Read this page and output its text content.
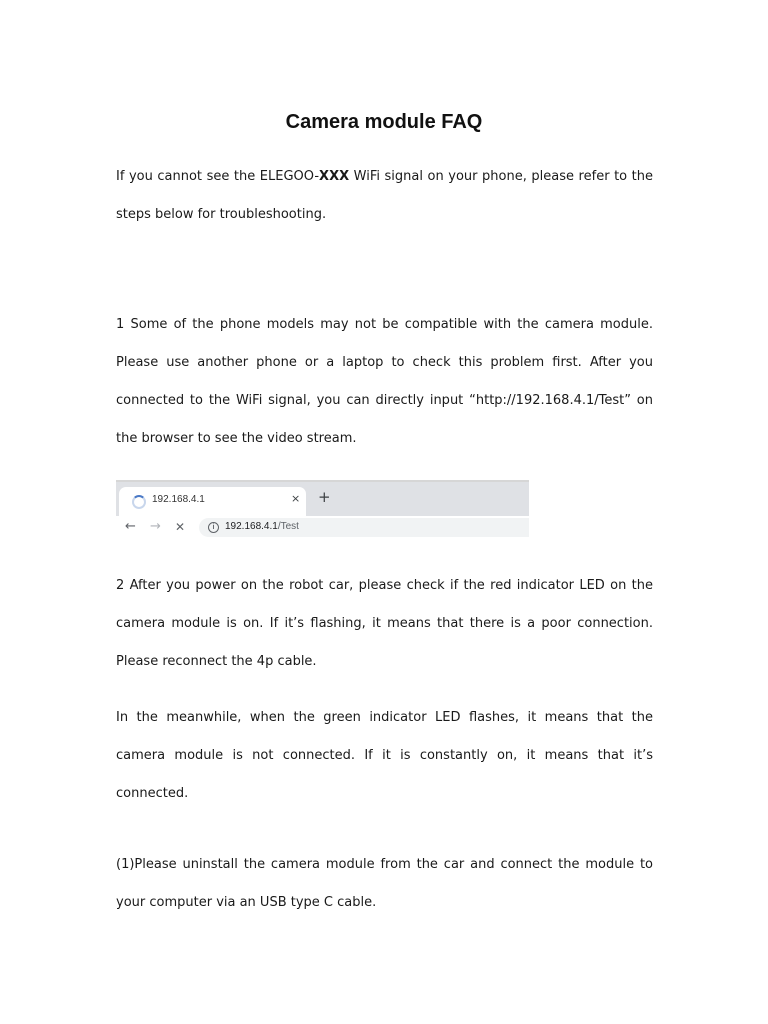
Camera module FAQ

If you cannot see the ELEGOO-XXX WiFi signal on your phone, please refer to the steps below for troubleshooting.

1 Some of the phone models may not be compatible with the camera module. Please use another phone or a laptop to check this problem first. After you connected to the WiFi signal, you can directly input “http://192.168.4.1/Test” on the browser to see the video stream.

192.168.4.1	× +
← → ✕	i	192.168.4.1/Test

2 After you power on the robot car, please check if the red indicator LED on the camera module is on. If it’s flashing, it means that there is a poor connection. Please reconnect the 4p cable.

In the meanwhile, when the green indicator LED flashes, it means that the camera module is not connected. If it is constantly on, it means that it’s connected.

(1)Please uninstall the camera module from the car and connect the module to your computer via an USB type C cable.
